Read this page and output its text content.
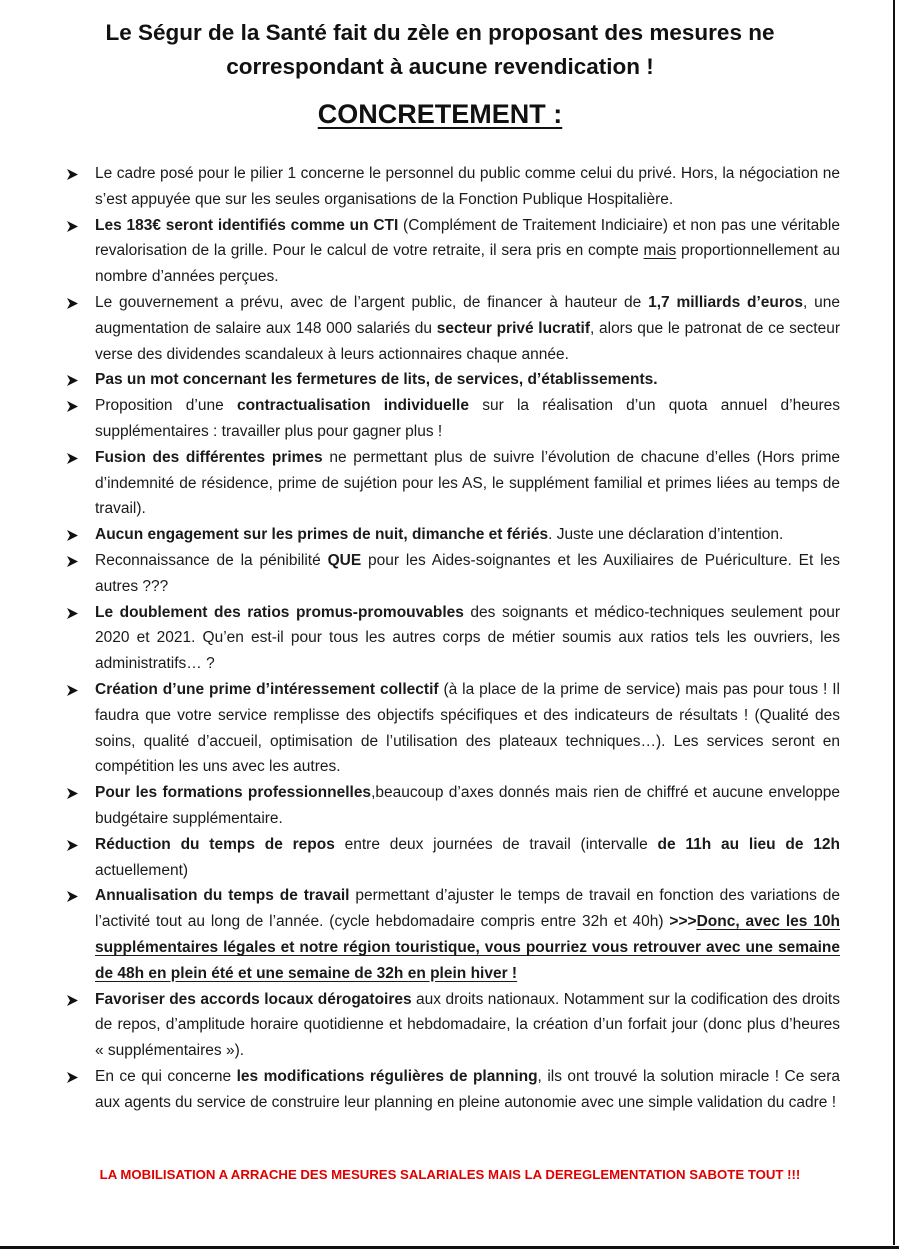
Le Ségur de la Santé fait du zèle en proposant des mesures ne
correspondant à aucune revendication !
CONCRETEMENT :
Le cadre posé pour le pilier 1 concerne le personnel du public comme celui du privé. Hors, la négociation ne s’est appuyée que sur les seules organisations de la Fonction Publique Hospitalière.
Les 183€ seront identifiés comme un CTI (Complément de Traitement Indiciaire) et non pas une véritable revalorisation de la grille. Pour le calcul de votre retraite, il sera pris en compte mais proportionnellement au nombre d’années perçues.
Le gouvernement a prévu, avec de l’argent public, de financer à hauteur de 1,7 milliards d’euros, une augmentation de salaire aux 148 000 salariés du secteur privé lucratif, alors que le patronat de ce secteur verse des dividendes scandaleux à leurs actionnaires chaque année.
Pas un mot concernant les fermetures de lits, de services, d’établissements.
Proposition d’une contractualisation individuelle sur la réalisation d’un quota annuel d’heures supplémentaires : travailler plus pour gagner plus !
Fusion des différentes primes ne permettant plus de suivre l’évolution de chacune d’elles (Hors prime d’indemnité de résidence, prime de sujétion pour les AS, le supplément familial et primes liées au temps de travail).
Aucun engagement sur les primes de nuit, dimanche et fériés. Juste une déclaration d’intention.
Reconnaissance de la pénibilité QUE pour les Aides-soignantes et les Auxiliaires de Puériculture. Et les autres ???
Le doublement des ratios promus-promouvables des soignants et médico-techniques seulement pour 2020 et 2021. Qu’en est-il pour tous les autres corps de métier soumis aux ratios tels les ouvriers, les administratifs… ?
Création d’une prime d’intéressement collectif (à la place de la prime de service) mais pas pour tous ! Il faudra que votre service remplisse des objectifs spécifiques et des indicateurs de résultats ! (Qualité des soins, qualité d’accueil, optimisation de l’utilisation des plateaux techniques…). Les services seront en compétition les uns avec les autres.
Pour les formations professionnelles,beaucoup d’axes donnés mais rien de chiffré et aucune enveloppe budgétaire supplémentaire.
Réduction du temps de repos entre deux journées de travail (intervalle de 11h au lieu de 12h actuellement)
Annualisation du temps de travail permettant d’ajuster le temps de travail en fonction des variations de l’activité tout au long de l’année. (cycle hebdomadaire compris entre 32h et 40h) >>>Donc, avec les 10h supplémentaires légales et notre région touristique, vous pourriez vous retrouver avec une semaine de 48h en plein été et une semaine de 32h en plein hiver !
Favoriser des accords locaux dérogatoires aux droits nationaux. Notamment sur la codification des droits de repos, d’amplitude horaire quotidienne et hebdomadaire, la création d’un forfait jour (donc plus d’heures « supplémentaires »).
En ce qui concerne les modifications régulières de planning, ils ont trouvé la solution miracle ! Ce sera aux agents du service de construire leur planning en pleine autonomie avec une simple validation du cadre !
LA MOBILISATION A ARRACHE DES MESURES SALARIALES MAIS LA DEREGLEMENTATION SABOTE TOUT !!!
